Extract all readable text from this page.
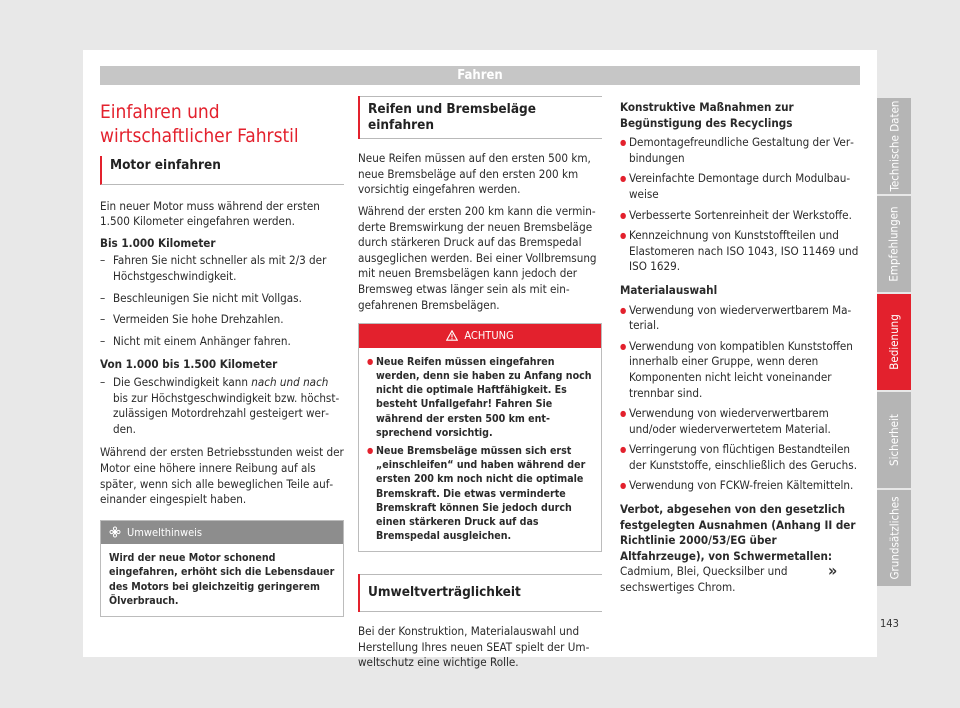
Fahren
Einfahren und wirtschaftlicher Fahrstil
Motor einfahren

Ein neuer Motor muss während der ersten 1.500 Kilometer eingefahren werden.

Bis 1.000 Kilometer

– Fahren Sie nicht schneller als mit 2/3 der Höchstgeschwindigkeit.
– Beschleunigen Sie nicht mit Vollgas.
– Vermeiden Sie hohe Drehzahlen.
– Nicht mit einem Anhänger fahren.

Von 1.000 bis 1.500 Kilometer

– Die Geschwindigkeit kann nach und nach bis zur Höchstgeschwindigkeit bzw. höchstzulässigen Motordrehzahl gesteigert werden.

Während der ersten Betriebsstunden weist der Motor eine höhere innere Reibung auf als später, wenn sich alle beweglichen Teile aufeinander eingespielt haben.

Umwelthinweis
Wird der neue Motor schonend eingefahren, erhöht sich die Lebensdauer des Motors bei gleichzeitig geringerem Ölverbrauch.
Reifen und Bremsbeläge einfahren

Neue Reifen müssen auf den ersten 500 km, neue Bremsbeläge auf den ersten 200 km vorsichtig eingefahren werden.

Während der ersten 200 km kann die verminderte Bremswirkung der neuen Bremsbeläge durch stärkeren Druck auf das Bremspedal ausgeglichen werden. Bei einer Vollbremsung mit neuen Bremsbelägen kann jedoch der Bremsweg etwas länger sein als mit eingefahrenen Bremsbelägen.

ACHTUNG
● Neue Reifen müssen eingefahren werden, denn sie haben zu Anfang noch nicht die optimale Haftfähigkeit. Es besteht Unfallgefahr! Fahren Sie während der ersten 500 km entsprechend vorsichtig.
● Neue Bremsbeläge müssen sich erst „einschleifen“ und haben während der ersten 200 km noch nicht die optimale Bremskraft. Die etwas verminderte Bremskraft können Sie jedoch durch einen stärkeren Druck auf das Bremspedal ausgleichen.
Umweltverträglichkeit

Bei der Konstruktion, Materialauswahl und Herstellung Ihres neuen SEAT spielt der Umweltschutz eine wichtige Rolle.

Konstruktive Maßnahmen zur Begünstigung des Recyclings

● Demontagefreundliche Gestaltung der Verbindungen
● Vereinfachte Demontage durch Modulbauweise
● Verbesserte Sortenreinheit der Werkstoffe.
● Kennzeichnung von Kunststoffteilen und Elastomeren nach ISO 1043, ISO 11469 und ISO 1629.

Materialauswahl

● Verwendung von wiederverwertbarem Material.
● Verwendung von kompatiblen Kunststoffen innerhalb einer Gruppe, wenn deren Komponenten nicht leicht voneinander trennbar sind.
● Verwendung von wiederverwertbarem und/oder wiederverwertetem Material.
● Verringerung von flüchtigen Bestandteilen der Kunststoffe, einschließlich des Geruchs.
● Verwendung von FCKW-freien Kältemitteln.

Verbot, abgesehen von den gesetzlich festgelegten Ausnahmen (Anhang II der Richtlinie 2000/53/EG über Altfahrzeuge), von Schwermetallen: Cadmium, Blei, Quecksilber und sechswertiges Chrom.

»
Technische Daten
Empfehlungen
Bedienung
Sicherheit
Grundsätzliches
143
